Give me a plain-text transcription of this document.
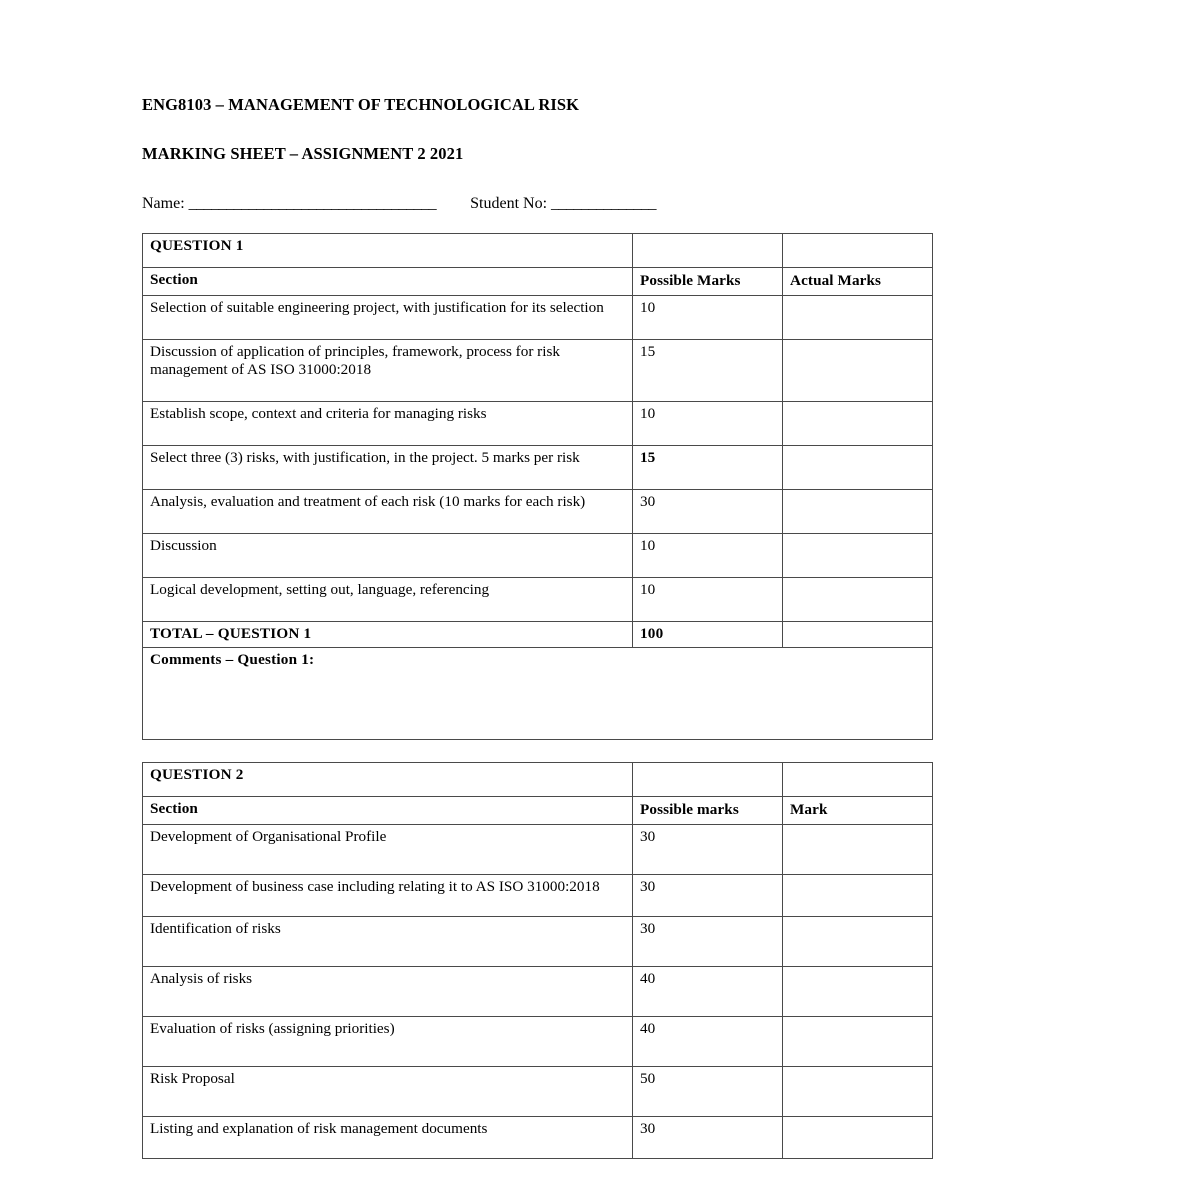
ENG8103 – MANAGEMENT OF TECHNOLOGICAL RISK
MARKING SHEET – ASSIGNMENT 2 2021
Name: _________________________________ Student No: ______________
QUESTION 1		
Section	Possible Marks	Actual Marks
Selection of suitable engineering project, with justification for its selection	10	
Discussion of application of principles, framework, process for risk management of AS ISO 31000:2018	15	
Establish scope, context and criteria for managing risks	10	
Select three (3) risks, with justification, in the project. 5 marks per risk	15	
Analysis, evaluation and treatment of each risk (10 marks for each risk)	30	
Discussion	10	
Logical development, setting out, language, referencing	10	
TOTAL – QUESTION 1	100	
Comments – Question 1:		
QUESTION 2		
Section	Possible marks	Mark
Development of Organisational Profile	30	
Development of business case including relating it to AS ISO 31000:2018	30	
Identification of risks	30	
Analysis of risks	40	
Evaluation of risks (assigning priorities)	40	
Risk Proposal	50	
Listing and explanation of risk management documents	30	
